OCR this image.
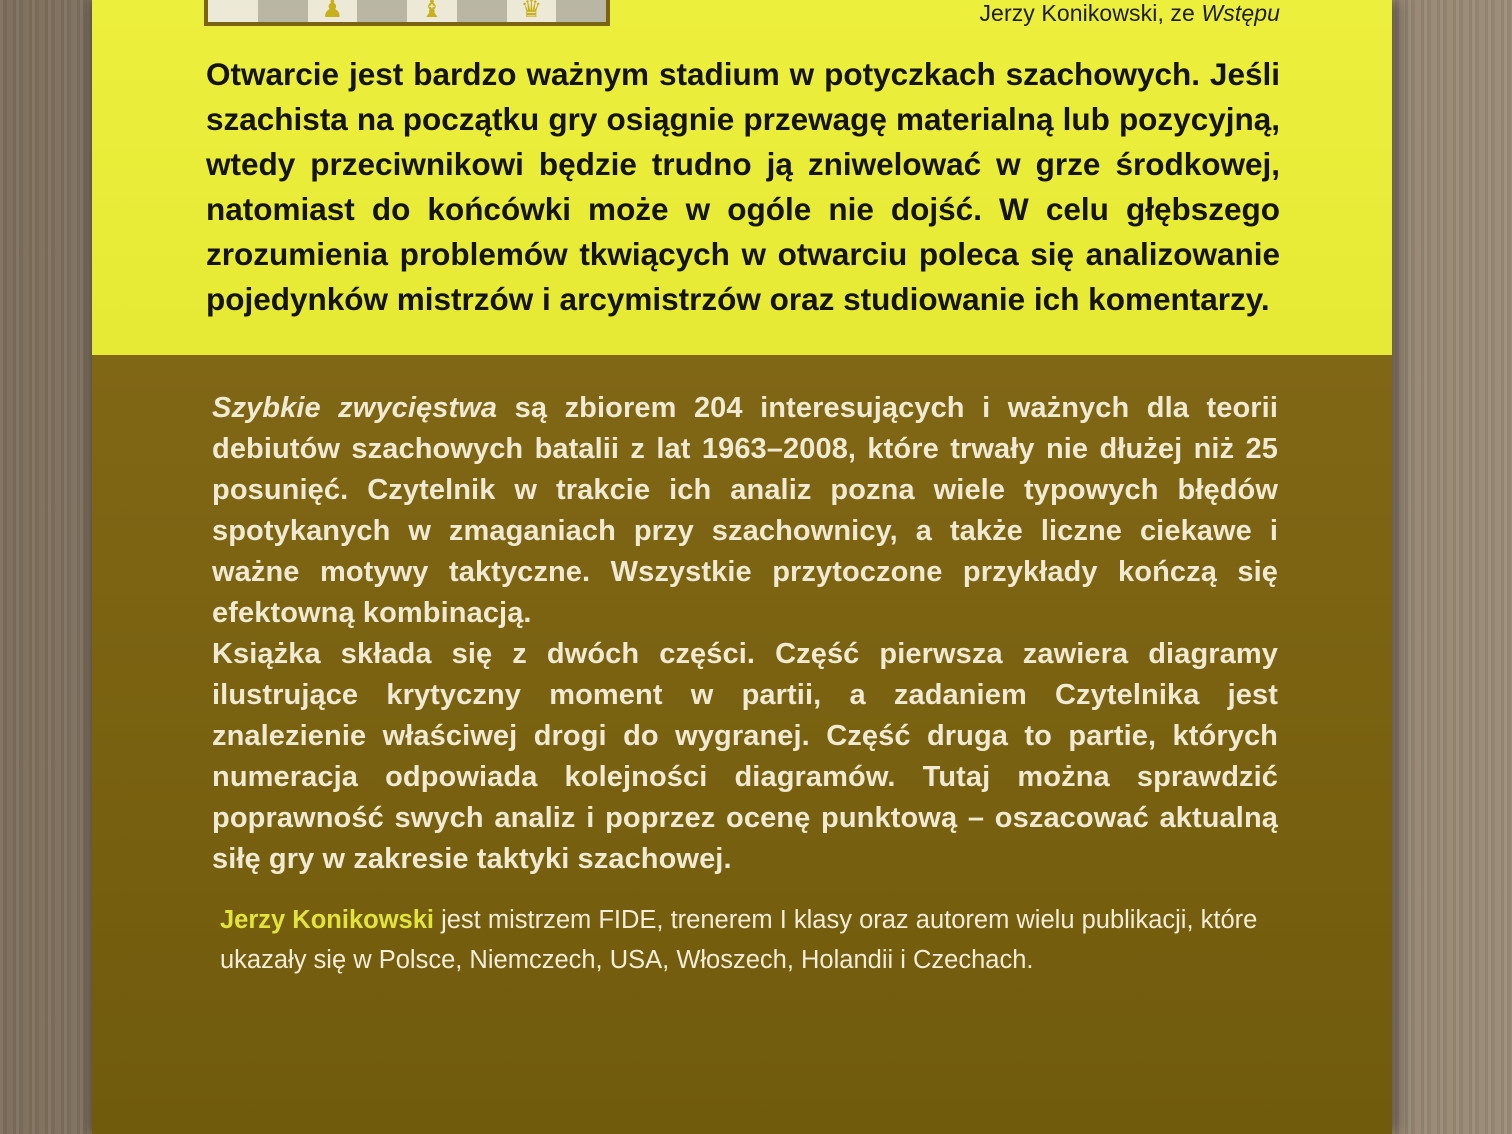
♟	♝	♛	Jerzy Konikowski, ze Wstępu

Otwarcie jest bardzo ważnym stadium w potyczkach szachowych. Jeśli szachista na początku gry osiągnie przewagę materialną lub pozycyjną, wtedy przeciwnikowi będzie trudno ją zniwelować w grze środkowej, natomiast do końcówki może w ogóle nie dojść. W celu głębszego zrozumienia problemów tkwiących w otwarciu poleca się analizowanie pojedynków mistrzów i arcymistrzów oraz studiowanie ich komentarzy.

Szybkie zwycięstwa są zbiorem 204 interesujących i ważnych dla teorii debiutów szachowych batalii z lat 1963–2008, które trwały nie dłużej niż 25 posunięć. Czytelnik w trakcie ich analiz pozna wiele typowych błędów spotykanych w zmaganiach przy szachownicy, a także liczne ciekawe i ważne motywy taktyczne. Wszystkie przytoczone przykłady kończą się efektowną kombinacją.

Książka składa się z dwóch części. Część pierwsza zawiera diagramy ilustrujące krytyczny moment w partii, a zadaniem Czytelnika jest znalezienie właściwej drogi do wygranej. Część druga to partie, których numeracja odpowiada kolejności diagramów. Tutaj można sprawdzić poprawność swych analiz i poprzez ocenę punktową – oszacować aktualną siłę gry w zakresie taktyki szachowej.

Jerzy Konikowski jest mistrzem FIDE, trenerem I klasy oraz autorem wielu publikacji, które ukazały się w Polsce, Niemczech, USA, Włoszech, Holandii i Czechach.
